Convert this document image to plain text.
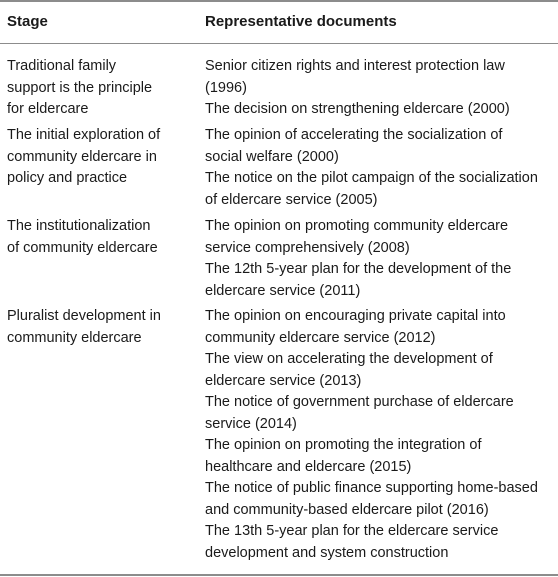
Stage	Representative documents
Traditional family
support is the principle
for eldercare
Senior citizen rights and interest protection law
(1996)
The decision on strengthening eldercare (2000)
The initial exploration of
community eldercare in
policy and practice
The opinion of accelerating the socialization of
social welfare (2000)
The notice on the pilot campaign of the socialization
of eldercare service (2005)
The institutionalization
of community eldercare
The opinion on promoting community eldercare
service comprehensively (2008)
The 12th 5-year plan for the development of the
eldercare service (2011)
Pluralist development in
community eldercare
The opinion on encouraging private capital into
community eldercare service (2012)
The view on accelerating the development of
eldercare service (2013)
The notice of government purchase of eldercare
service (2014)
The opinion on promoting the integration of
healthcare and eldercare (2015)
The notice of public finance supporting home-based
and community-based eldercare pilot (2016)
The 13th 5-year plan for the eldercare service
development and system construction
